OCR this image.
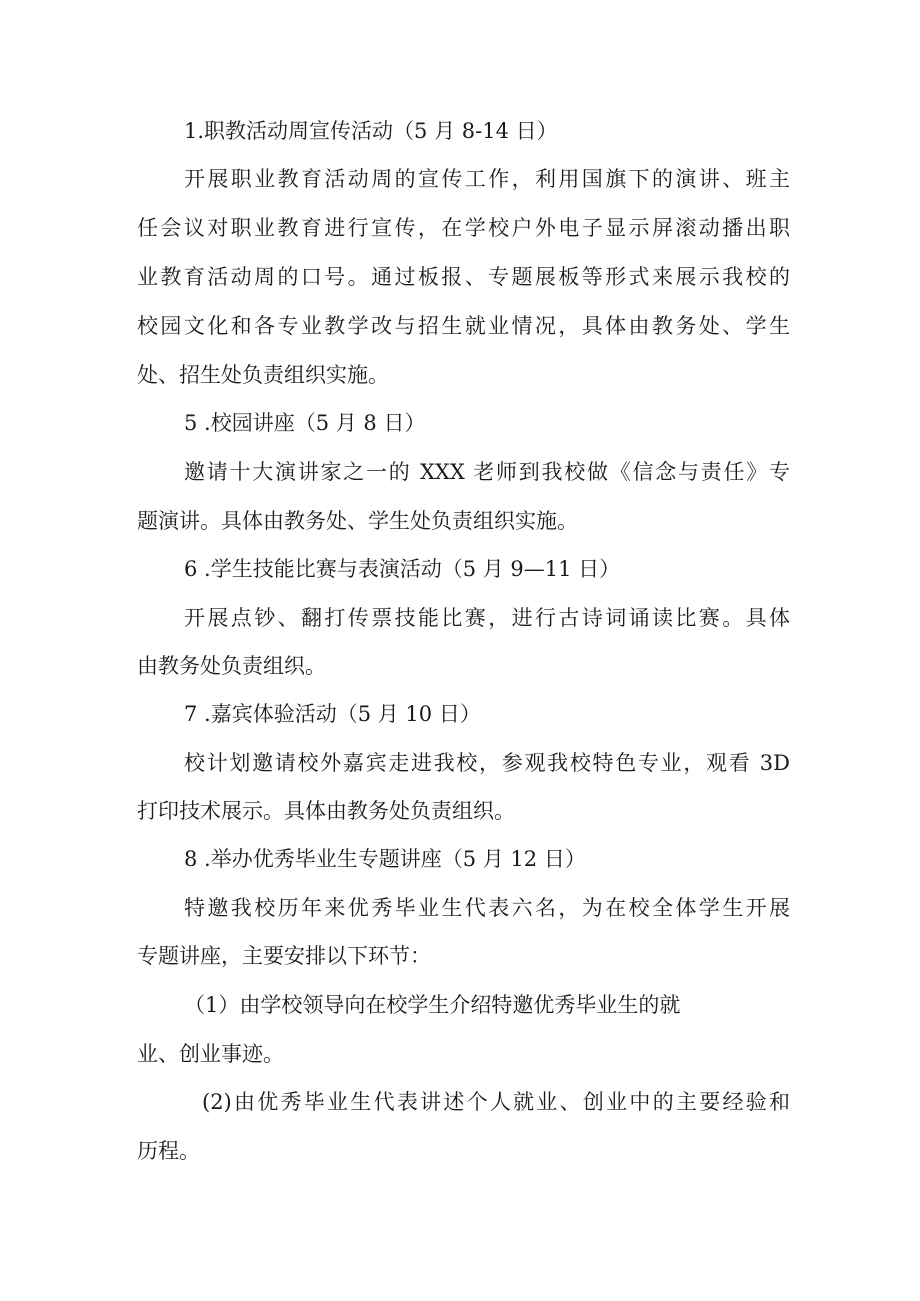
1.职教活动周宣传活动（5 月 8-14 日）
开展职业教育活动周的宣传工作，利用国旗下的演讲、班主
任会议对职业教育进行宣传，在学校户外电子显示屏滚动播出职
业教育活动周的口号。通过板报、专题展板等形式来展示我校的
校园文化和各专业教学改与招生就业情况，具体由教务处、学生
处、招生处负责组织实施。
5 .校园讲座（5 月 8 日）
邀请十大演讲家之一的 XXX 老师到我校做《信念与责任》专
题演讲。具体由教务处、学生处负责组织实施。
6 .学生技能比赛与表演活动（5 月 9—11 日）
开展点钞、翻打传票技能比赛，进行古诗词诵读比赛。具体
由教务处负责组织。
7 .嘉宾体验活动（5 月 10 日）
校计划邀请校外嘉宾走进我校，参观我校特色专业，观看 3D
打印技术展示。具体由教务处负责组织。
8 .举办优秀毕业生专题讲座（5 月 12 日）
特邀我校历年来优秀毕业生代表六名，为在校全体学生开展
专题讲座，主要安排以下环节：
（1）由学校领导向在校学生介绍特邀优秀毕业生的就
业、创业事迹。
(2)由优秀毕业生代表讲述个人就业、创业中的主要经验和
历程。
